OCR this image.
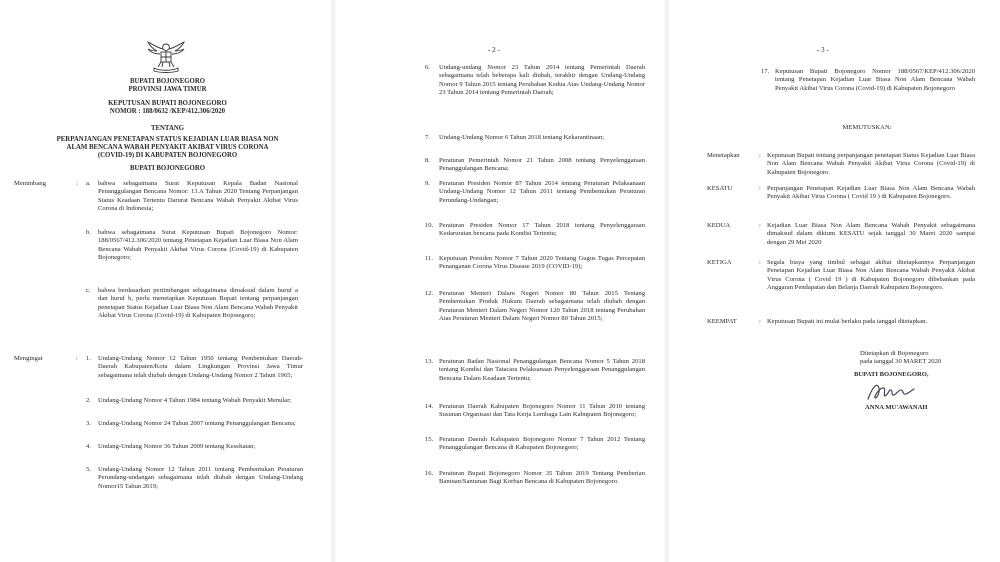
BUPATI BOJONEGORO
PROVINSI JAWA TIMUR
KEPUTUSAN BUPATI BOJONEGORO
NOMOR : 188/0632 /KEP/412.306/2020
TENTANG
PERPANJANGAN PENETAPAN STATUS KEJADIAN LUAR BIASA NON
ALAM BENCANA WABAH PENYAKIT AKIBAT VIRUS CORONA
(COVID-19) DI KABUPATEN BOJONEGORO
BUPATI BOJONEGORO
Menimbang	: a. bahwa sebagaimana Surat Keputusan Kepala Badan Nasional Penanggulangan Bencana Nomor: 13.A Tahun 2020 Tentang Perpanjangan Status Keadaan Tertentu Darurat Bencana Wabah Penyakit Akibat Virus Corona di Indonesia;
b. bahwa sebagaimana Surat Keputusan Bupati Bojonegoro Nomor: 188/0567/412.306/2020 tentang Penetapan Kejadian Luar Biasa Non Alam Bencana Wabah Penyakit Akibat Virus Corona (Covid-19) di Kabupaten Bojonegoro;
c. bahwa berdasarkan pertimbangan sebagaimana dimaksud dalam huruf a dan huruf b, perlu menetapkan Keputusan Bupati tentang perpanjangan penetapan Status Kejadian Luar Biasa Non Alam Bencana Wabah Penyakit Akibat Virus Corona (Covid-19) di Kabupaten Bojonegoro;
Mengingat	: 1. Undang-Undang Nomor 12 Tahun 1950 tentang Pembentukan Daerah-Daerah Kabupaten/Kota dalam Lingkungan Provinsi Jawa Timur sebagaimana telah diubah dengan Undang-Undang Nomor 2 Tahun 1965;
2. Undang-Undang Nomor 4 Tahun 1984 tentang Wabah Penyakit Menular;
3. Undang-Undang Nomor 24 Tahun 2007 tentang Penanggulangan Bencana;
4. Undang-Undang Nomor 36 Tahun 2009 tentang Kesehatan;
5. Undang-Undang Nomor 12 Tahun 2011 tentang Pembentukan Peraturan Perundang-undangan sebagaimana telah diubah dengan Undang-Undang Nomor15 Tahun 2019;
- 2 -
6. Undang-undang Nomor 23 Tahun 2014 tentang Pemerintah Daerah sebagaimana telah beberapa kali diubah, terakhir dengan Undang-Undang Nomor 9 Tahun 2015 tentang Perubahan Kedua Atas Undang-Undang Nomor 23 Tahun 2014 tentang Pemerintah Daerah;
7. Undang-Undang Nomor 6 Tahun 2018 tentang Kekarantinaan;
8. Peraturan Pemerintah Nomor 21 Tahun 2008 tentang Penyelenggaraan Penanggulangan Bencana;
9. Peraturan Presiden Nomor 87 Tahun 2014 tentang Peraturan Pelaksanaan Undang-Undang Nomor 12 Tahun 2011 tentang Pembentukan Peraturan Perundang-Undangan;
10. Peraturan Presiden Nomor 17 Tahun 2018 tentang Penyelenggaraan Kedaruratan bencana pada Kondisi Tertentu;
11. Keputusan Presiden Nomor 7 Tahun 2020 Tentang Gugus Tugas Percepatan Penanganan Corona Virus Disease 2019 (COVID-19);
12. Peraturan Menteri Dalam Negeri Nomor 80 Tahun 2015 Tentang Pembentukan Produk Hukum Daerah sebagaimana telah diubah dengan Peraturan Menteri Dalam Negeri Nomor 120 Tahun 2018 tentang Perubahan Atas Peraturan Menteri Dalam Negeri Nomor 80 Tahun 2015;
13. Peraturan Badan Nasional Penanggulangan Bencana Nomor 5 Tahun 2018 tentang Kondisi dan Tatacara Pelaksanaan Penyelenggaraan Penanggulangan Bencana Dalam Keadaan Tertentu;
14. Peraturan Daerah Kabupaten Bojonegoro Nomor 11 Tahun 2010 tentang Susunan Organisasi dan Tata Kerja Lembaga Lain Kabupaten Bojonegoro;
15. Peraturan Daerah Kabupaten Bojonegoro Nomor 7 Tahun 2012 Tentang Penanggulangan Bencana di Kabupaten Bojonegoro;
16. Peraturan Bupati Bojonegoro Nomor 35 Tahun 2019 Tentang Pemberian Bantuan/Santunan Bagi Korban Bencana di Kabupaten Bojonegoro.
- 3 -
17. Keputusan Bupati Bojonegoro Nomor 188/0567/KEP/412.306/2020 tentang Penetapan Kejadian Luar Biasa Non Alam Bencana Wabah Penyakit Akibat Virus Corona (Covid-19) di Kabupaten Bojonegoro
MEMUTUSKAN:
Menetapkan	: Keputusan Bupati tentang perpanjangan penetapan Status Kejadian Luar Biasa Non Alam Bencana Wabah Penyakit Akibat Virus Corona (Covid-19) di Kabupaten Bojonegoro.
KESATU	: Perpanjangan Penetapan Kejadian Luar Biasa Non Alam Bencana Wabah Penyakit Akibat Virus Corona ( Covid 19 ) di Kabupaten Bojonegoro.
KEDUA	: Kejadian Luar Biasa Non Alam Bencana Wabah Penyakit sebagaimana dimaksud dalam diktum KESATU sejak tanggal 30 Maret 2020 sampai dengan 29 Mei 2020
KETIGA	: Segala biaya yang timbul sebagai akibat ditetapkannya Perpanjangan Penetapan Kejadian Luar Biasa Non Alam Bencana Wabah Penyakit Akibat Virus Corona ( Covid 19 ) di Kabupaten Bojonegoro dibebankan pada Anggaran Pendapatan dan Belanja Daerah Kabupaten Bojonegoro.
KEEMPAT	: Keputusan Bupati ini mulai berlaku pada tanggal ditetapkan.
Ditetapkan di Bojonegoro
pada tanggal 30 MARET 2020
BUPATI BOJONEGORO,
ANNA MU'AWANAH
